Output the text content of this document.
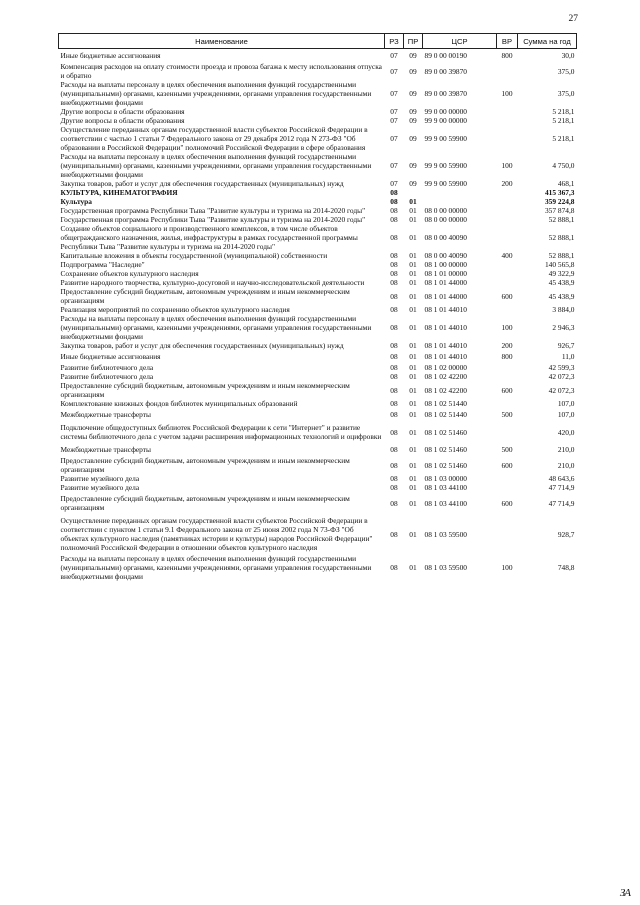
27
Наименование	РЗ	ПР	ЦСР	ВР	Сумма на год
Иные бюджетные ассигнования	07	09	89 0 00 00190	800	30,0
Компенсация расходов на оплату стоимости проезда и провоза багажа к месту использования отпуска и обратно	07	09	89 0 00 39870		375,0
Расходы на выплаты персоналу в целях обеспечения выполнения функций государственными (муниципальными) органами, казенными учреждениями, органами управления государственными внебюджетными фондами	07	09	89 0 00 39870	100	375,0
Другие вопросы в области образования	07	09	99 0 00 00000		5 218,1
Другие вопросы в области образования	07	09	99 9 00 00000		5 218,1
Осуществление переданных органам государственной власти субъектов Российской Федерации в соответствии с частью 1 статьи 7 Федерального закона от 29 декабря 2012 года N 273-ФЗ "Об образовании в Российской Федерации" полномочий Российской Федерации в сфере образования	07	09	99 9 00 59900		5 218,1
Расходы на выплаты персоналу в целях обеспечения выполнения функций государственными (муниципальными) органами, казенными учреждениями, органами управления государственными внебюджетными фондами	07	09	99 9 00 59900	100	4 750,0
Закупка товаров, работ и услуг для обеспечения государственных (муниципальных) нужд	07	09	99 9 00 59900	200	468,1
КУЛЬТУРА, КИНЕМАТОГРАФИЯ	08				415 367,3
Культура	08	01			359 224,8
Государственная программа Республики Тыва "Развитие культуры и туризма на 2014-2020 годы"	08	01	08 0 00 00000		357 874,8
Государственная программа Республики Тыва "Развитие культуры и туризма на 2014-2020 годы"	08	01	08 0 00 00000		52 888,1
Создание объектов социального и производственного комплексов, в том числе объектов общегражданского назначения, жилья, инфраструктуры в рамках государственной программы Республики Тыва "Развитие культуры и туризма на 2014-2020 годы"	08	01	08 0 00 40090		52 888,1
Капитальные вложения в объекты государственной (муниципальной) собственности	08	01	08 0 00 40090	400	52 888,1
Подпрограмма "Наследие"	08	01	08 1 00 00000		140 565,8
Сохранение объектов культурного наследия	08	01	08 1 01 00000		49 322,9
Развитие народного творчества, культурно-досуговой и научно-исследовательской деятельности	08	01	08 1 01 44000		45 438,9
Предоставление субсидий бюджетным, автономным учреждениям и иным некоммерческим организациям	08	01	08 1 01 44000	600	45 438,9
Реализация мероприятий по сохранению объектов культурного наследия	08	01	08 1 01 44010		3 884,0
Расходы на выплаты персоналу в целях обеспечения выполнения функций государственными (муниципальными) органами, казенными учреждениями, органами управления государственными внебюджетными фондами	08	01	08 1 01 44010	100	2 946,3
Закупка товаров, работ и услуг для обеспечения государственных (муниципальных) нужд	08	01	08 1 01 44010	200	926,7
Иные бюджетные ассигнования	08	01	08 1 01 44010	800	11,0
Развитие библиотечного дела	08	01	08 1 02 00000		42 599,3
Развитие библиотечного дела	08	01	08 1 02 42200		42 072,3
Предоставление субсидий бюджетным, автономным учреждениям и иным некоммерческим организациям	08	01	08 1 02 42200	600	42 072,3
Комплектование книжных фондов библиотек муниципальных образований	08	01	08 1 02 51440		107,0
Межбюджетные трансферты	08	01	08 1 02 51440	500	107,0
Подключение общедоступных библиотек Российской Федерации к сети "Интернет" и развитие системы библиотечного дела с учетом задачи расширения информационных технологий и оцифровки	08	01	08 1 02 51460		420,0
Межбюджетные трансферты	08	01	08 1 02 51460	500	210,0
Предоставление субсидий бюджетным, автономным учреждениям и иным некоммерческим организациям	08	01	08 1 02 51460	600	210,0
Развитие музейного дела	08	01	08 1 03 00000		48 643,6
Развитие музейного дела	08	01	08 1 03 44100		47 714,9
Предоставление субсидий бюджетным, автономным учреждениям и иным некоммерческим организациям	08	01	08 1 03 44100	600	47 714,9
Осуществление переданных органам государственной власти субъектов Российской Федерации в соответствии с пунктом 1 статьи 9.1 Федерального закона от 25 июня 2002 года N 73-ФЗ "Об объектах культурного наследия (памятниках истории и культуры) народов Российской Федерации" полномочий Российской Федерации в отношении объектов культурного наследия	08	01	08 1 03 59500		928,7
Расходы на выплаты персоналу в целях обеспечения выполнения функций государственными (муниципальными) органами, казенными учреждениями, органами управления государственными внебюджетными фондами	08	01	08 1 03 59500	100	748,8
ЗА
